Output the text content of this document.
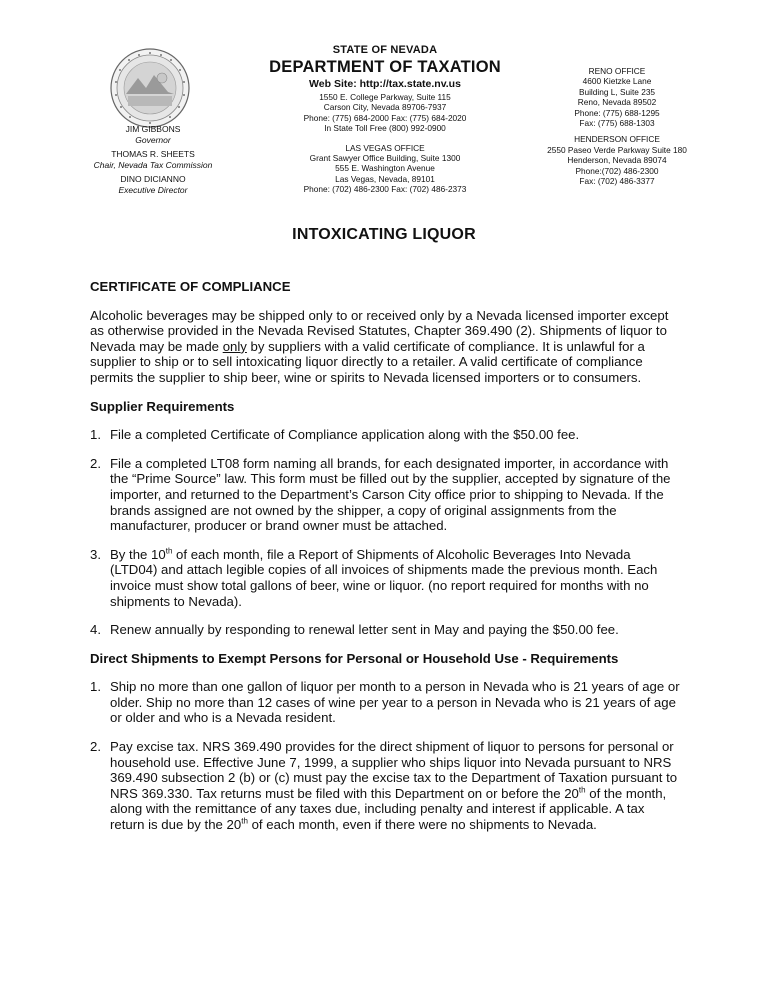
JIM GIBBONS
Governor
THOMAS R. SHEETS
Chair, Nevada Tax Commission
DINO DICIANNO
Executive Director
STATE OF NEVADA
DEPARTMENT OF TAXATION
Web Site: http://tax.state.nv.us
1550 E. College Parkway, Suite 115
Carson City, Nevada 89706-7937
Phone: (775) 684-2000 Fax: (775) 684-2020
In State Toll Free (800) 992-0900
LAS VEGAS OFFICE
Grant Sawyer Office Building, Suite 1300
555 E. Washington Avenue
Las Vegas, Nevada, 89101
Phone: (702) 486-2300 Fax: (702) 486-2373
RENO OFFICE
4600 Kietzke Lane
Building L, Suite 235
Reno, Nevada 89502
Phone: (775) 688-1295
Fax: (775) 688-1303
HENDERSON OFFICE
2550 Paseo Verde Parkway Suite 180
Henderson, Nevada 89074
Phone:(702) 486-2300
Fax: (702) 486-3377
INTOXICATING LIQUOR

CERTIFICATE OF COMPLIANCE

Alcoholic beverages may be shipped only to or received only by a Nevada licensed importer except as otherwise provided in the Nevada Revised Statutes, Chapter 369.490 (2). Shipments of liquor to Nevada may be made only by suppliers with a valid certificate of compliance. It is unlawful for a supplier to ship or to sell intoxicating liquor directly to a retailer. A valid certificate of compliance permits the supplier to ship beer, wine or spirits to Nevada licensed importers or to consumers.

Supplier Requirements

1. File a completed Certificate of Compliance application along with the $50.00 fee.
2. File a completed LT08 form naming all brands, for each designated importer, in accordance with the “Prime Source” law. This form must be filled out by the supplier, accepted by signature of the importer, and returned to the Department’s Carson City office prior to shipping to Nevada. If the brands assigned are not owned by the shipper, a copy of original assignments from the manufacturer, producer or brand owner must be attached.
3. By the 10th of each month, file a Report of Shipments of Alcoholic Beverages Into Nevada (LTD04) and attach legible copies of all invoices of shipments made the previous month. Each invoice must show total gallons of beer, wine or liquor. (no report required for months with no shipments to Nevada).
4. Renew annually by responding to renewal letter sent in May and paying the $50.00 fee.

Direct Shipments to Exempt Persons for Personal or Household Use - Requirements

1. Ship no more than one gallon of liquor per month to a person in Nevada who is 21 years of age or older. Ship no more than 12 cases of wine per year to a person in Nevada who is 21 years of age or older and who is a Nevada resident.
2. Pay excise tax. NRS 369.490 provides for the direct shipment of liquor to persons for personal or household use. Effective June 7, 1999, a supplier who ships liquor into Nevada pursuant to NRS 369.490 subsection 2 (b) or (c) must pay the excise tax to the Department of Taxation pursuant to NRS 369.330. Tax returns must be filed with this Department on or before the 20th of the month, along with the remittance of any taxes due, including penalty and interest if applicable. A tax return is due by the 20th of each month, even if there were no shipments to Nevada.
